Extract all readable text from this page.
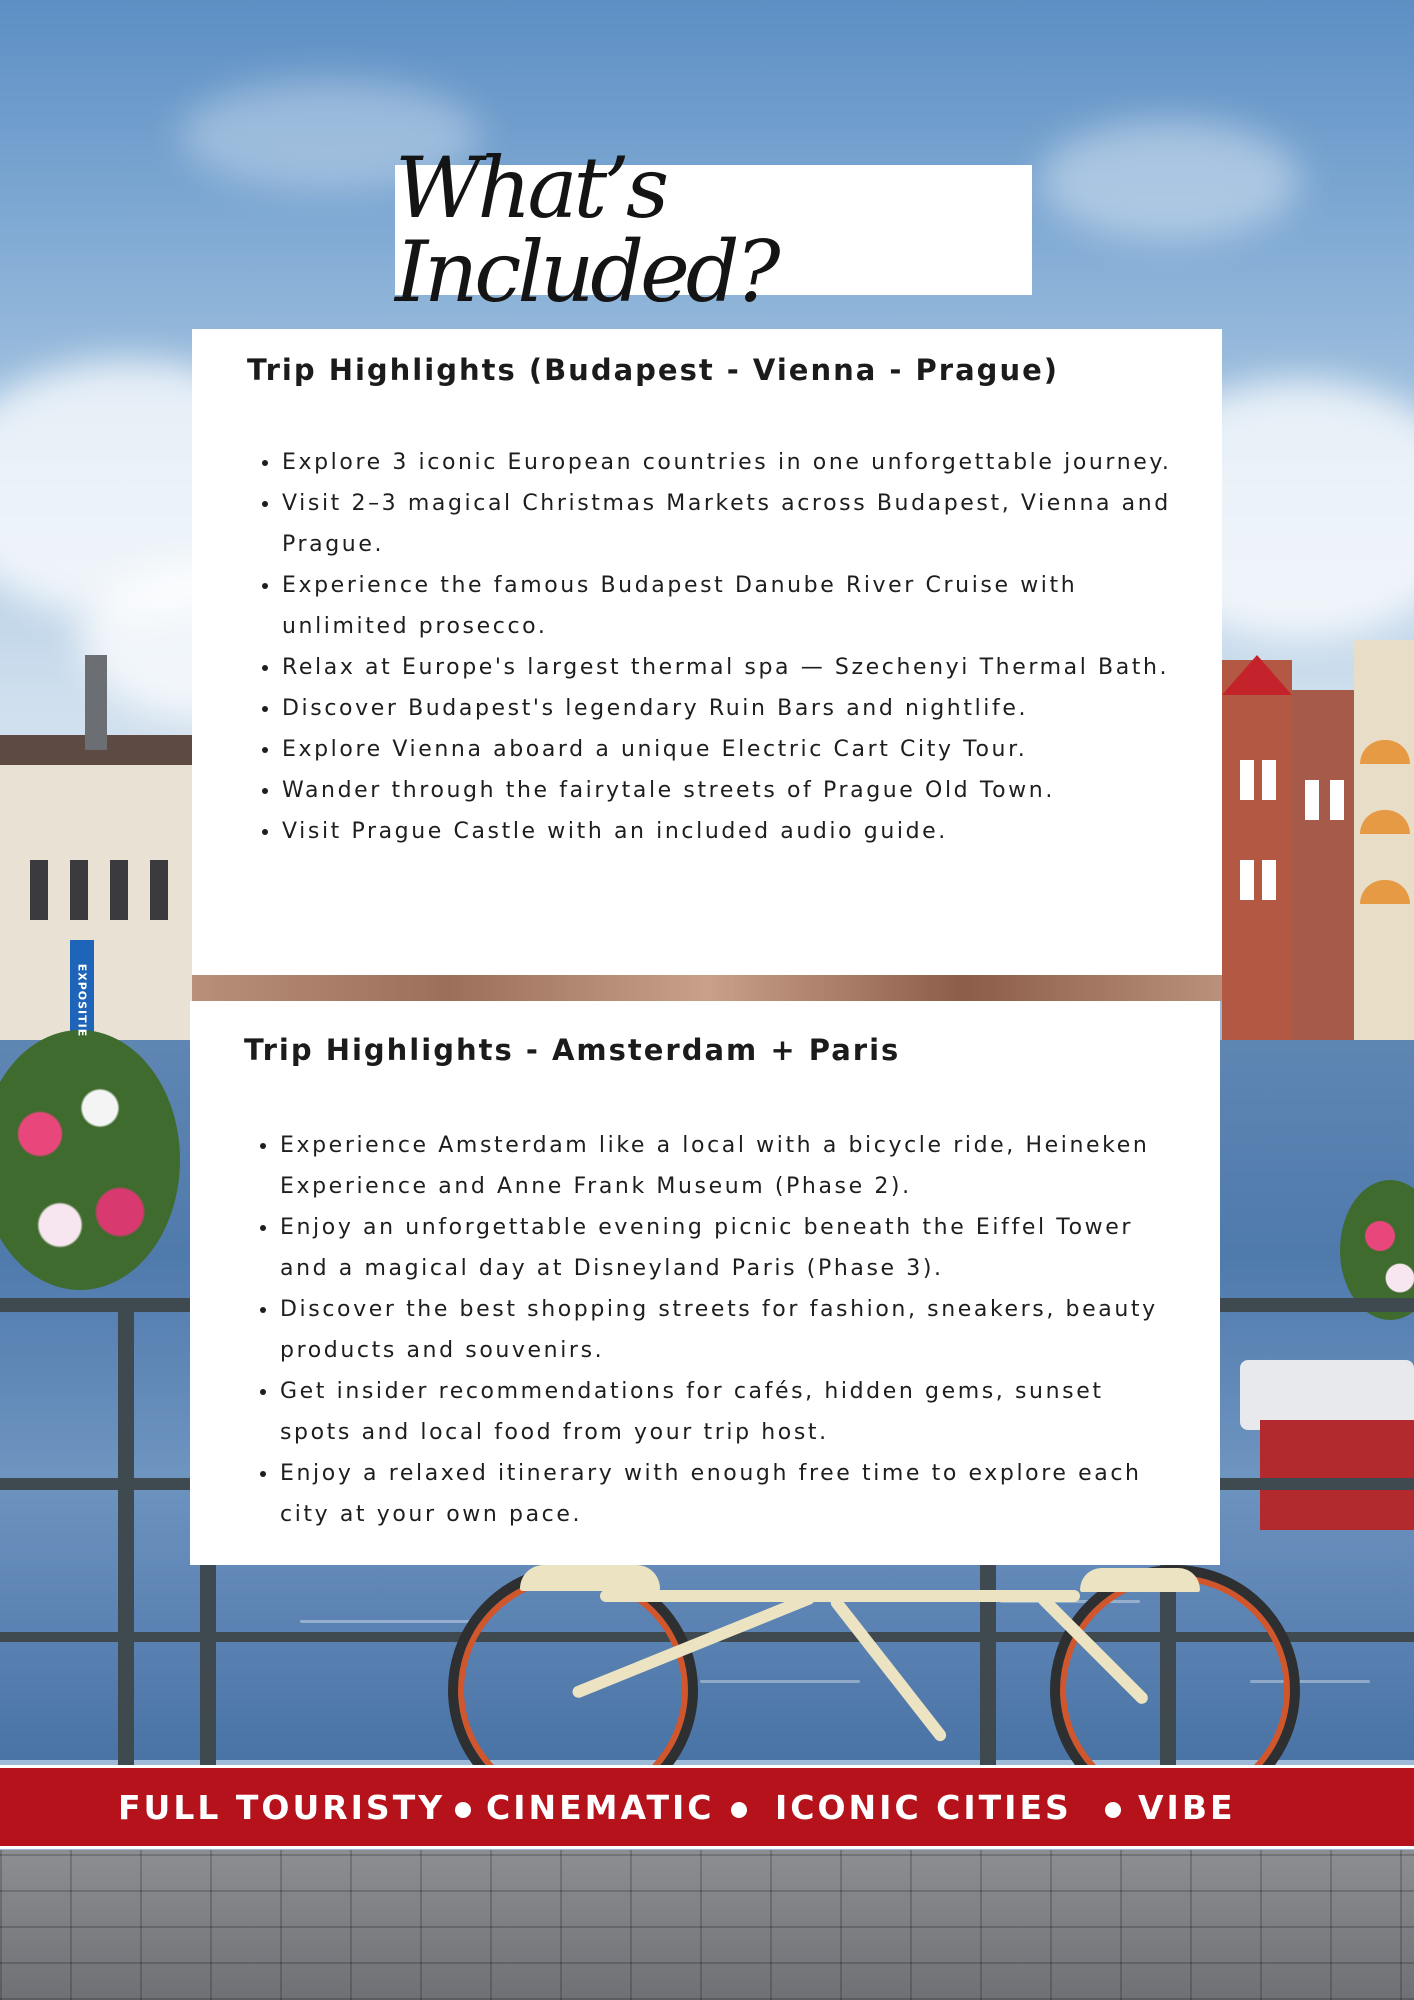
What’s Included?
Trip Highlights (Budapest - Vienna - Prague)
Explore 3 iconic European countries in one unforgettable journey.
Visit 2–3 magical Christmas Markets across Budapest, Vienna and Prague.
Experience the famous Budapest Danube River Cruise with unlimited prosecco.
Relax at Europe's largest thermal spa — Szechenyi Thermal Bath.
Discover Budapest's legendary Ruin Bars and nightlife.
Explore Vienna aboard a unique Electric Cart City Tour.
Wander through the fairytale streets of Prague Old Town.
Visit Prague Castle with an included audio guide.
Trip Highlights - Amsterdam + Paris
Experience Amsterdam like a local with a bicycle ride, Heineken Experience and Anne Frank Museum (Phase 2).
Enjoy an unforgettable evening picnic beneath the Eiffel Tower and a magical day at Disneyland Paris (Phase 3).
Discover the best shopping streets for fashion, sneakers, beauty products and souvenirs.
Get insider recommendations for cafés, hidden gems, sunset spots and local food from your trip host.
Enjoy a relaxed itinerary with enough free time to explore each city at your own pace.
FULL TOURISTY CINEMATIC ICONIC CITIES VIBE
EXPOSITIE
